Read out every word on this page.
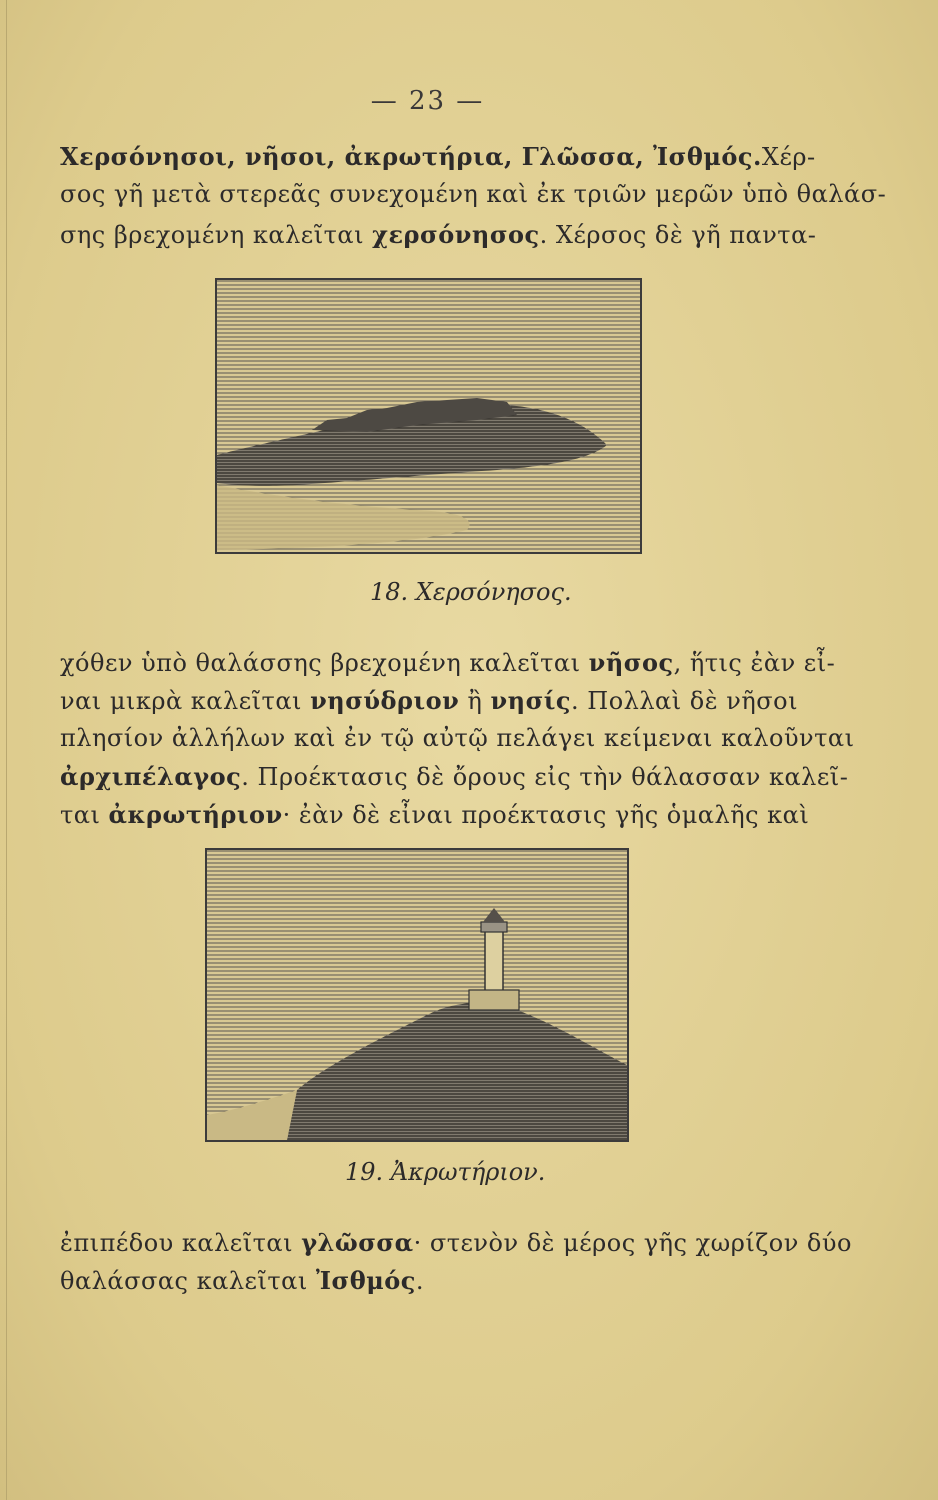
— 23 —
Χερσόνησοι, νῆσοι, ἀκρωτήρια, Γλῶσσα, Ἰσθμός.Χέρ-
σος γῆ μετὰ στερεᾶς συνεχομένη καὶ ἐκ τριῶν μερῶν ὑπὸ θαλάσ-
σης βρεχομένη καλεῖται χερσόνησος. Χέρσος δὲ γῆ παντα-
18. Χερσόνησος.
χόθεν ὑπὸ θαλάσσης βρεχομένη καλεῖται νῆσος, ἥτις ἐὰν εἶ-
ναι μικρὰ καλεῖται νησύδριον ἢ νησίς. Πολλαὶ δὲ νῆσοι
πλησίον ἀλλήλων καὶ ἐν τῷ αὐτῷ πελάγει κείμεναι καλοῦνται
ἀρχιπέλαγος. Προέκτασις δὲ ὄρους εἰς τὴν θάλασσαν καλεῖ-
ται ἀκρωτήριον· ἐὰν δὲ εἶναι προέκτασις γῆς ὁμαλῆς καὶ
19. Ἀκρωτήριον.
ἐπιπέδου καλεῖται γλῶσσα· στενὸν δὲ μέρος γῆς χωρίζον δύο
θαλάσσας καλεῖται Ἰσθμός.
